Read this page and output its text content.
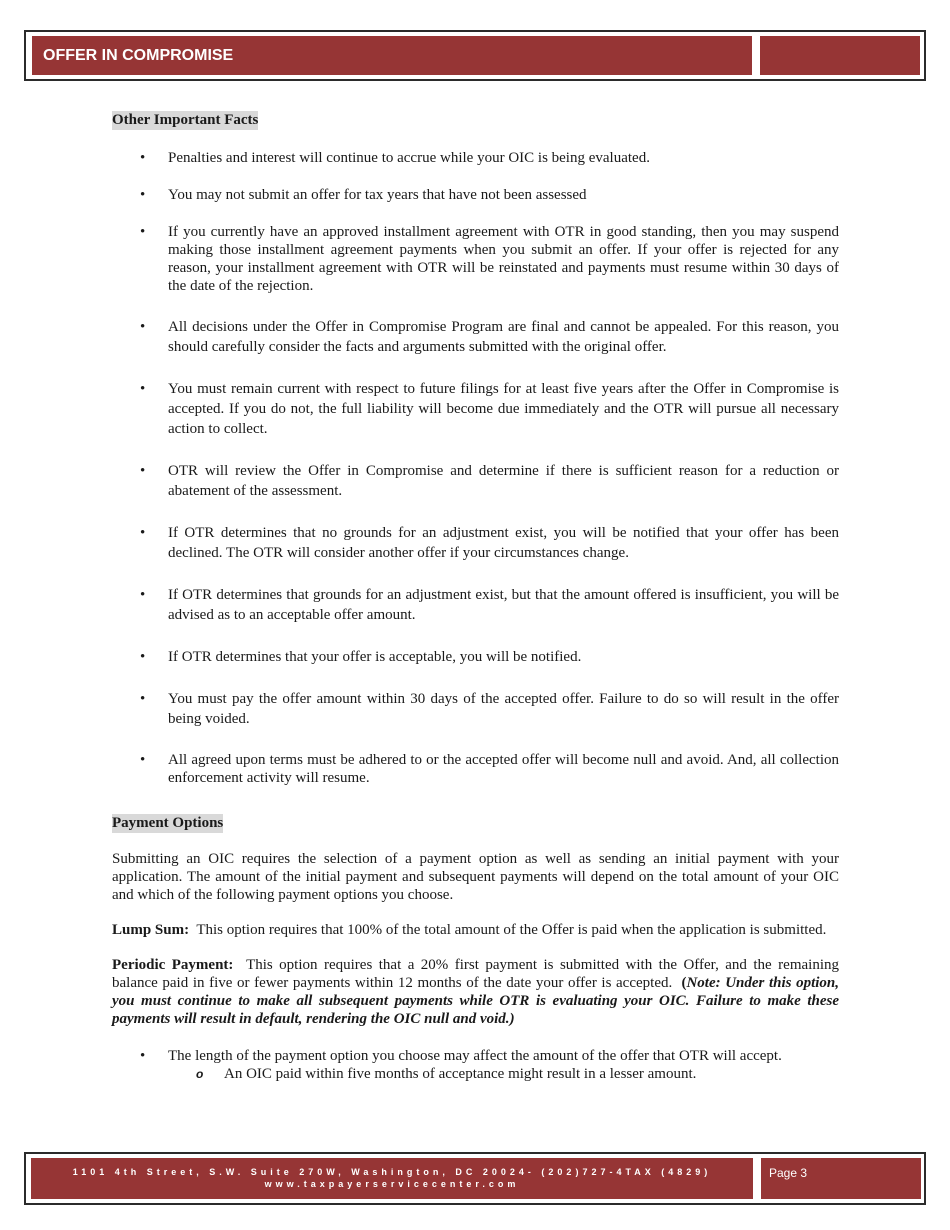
OFFER IN COMPROMISE
Other Important Facts
• Penalties and interest will continue to accrue while your OIC is being evaluated.
• You may not submit an offer for tax years that have not been assessed
• If you currently have an approved installment agreement with OTR in good standing, then you may suspend making those installment agreement payments when you submit an offer. If your offer is rejected for any reason, your installment agreement with OTR will be reinstated and payments must resume within 30 days of the date of the rejection.
• All decisions under the Offer in Compromise Program are final and cannot be appealed. For this reason, you should carefully consider the facts and arguments submitted with the original offer.
• You must remain current with respect to future filings for at least five years after the Offer in Compromise is accepted. If you do not, the full liability will become due immediately and the OTR will pursue all necessary action to collect.
• OTR will review the Offer in Compromise and determine if there is sufficient reason for a reduction or abatement of the assessment.
• If OTR determines that no grounds for an adjustment exist, you will be notified that your offer has been declined. The OTR will consider another offer if your circumstances change.
• If OTR determines that grounds for an adjustment exist, but that the amount offered is insufficient, you will be advised as to an acceptable offer amount.
• If OTR determines that your offer is acceptable, you will be notified.
• You must pay the offer amount within 30 days of the accepted offer. Failure to do so will result in the offer being voided.
• All agreed upon terms must be adhered to or the accepted offer will become null and avoid. And, all collection enforcement activity will resume.
Payment Options

Submitting an OIC requires the selection of a payment option as well as sending an initial payment with your application. The amount of the initial payment and subsequent payments will depend on the total amount of your OIC and which of the following payment options you choose.

Lump Sum: This option requires that 100% of the total amount of the Offer is paid when the application is submitted.

Periodic Payment: This option requires that a 20% first payment is submitted with the Offer, and the remaining balance paid in five or fewer payments within 12 months of the date your offer is accepted. (Note: Under this option, you must continue to make all subsequent payments while OTR is evaluating your OIC. Failure to make these payments will result in default, rendering the OIC null and void.)

• The length of the payment option you choose may affect the amount of the offer that OTR will accept.
o An OIC paid within five months of acceptance might result in a lesser amount.
1101 4th Street, S.W. Suite 270W, Washington, DC 20024- (202)727-4TAX (4829)
www.taxpayerservicecenter.com
Page 3
